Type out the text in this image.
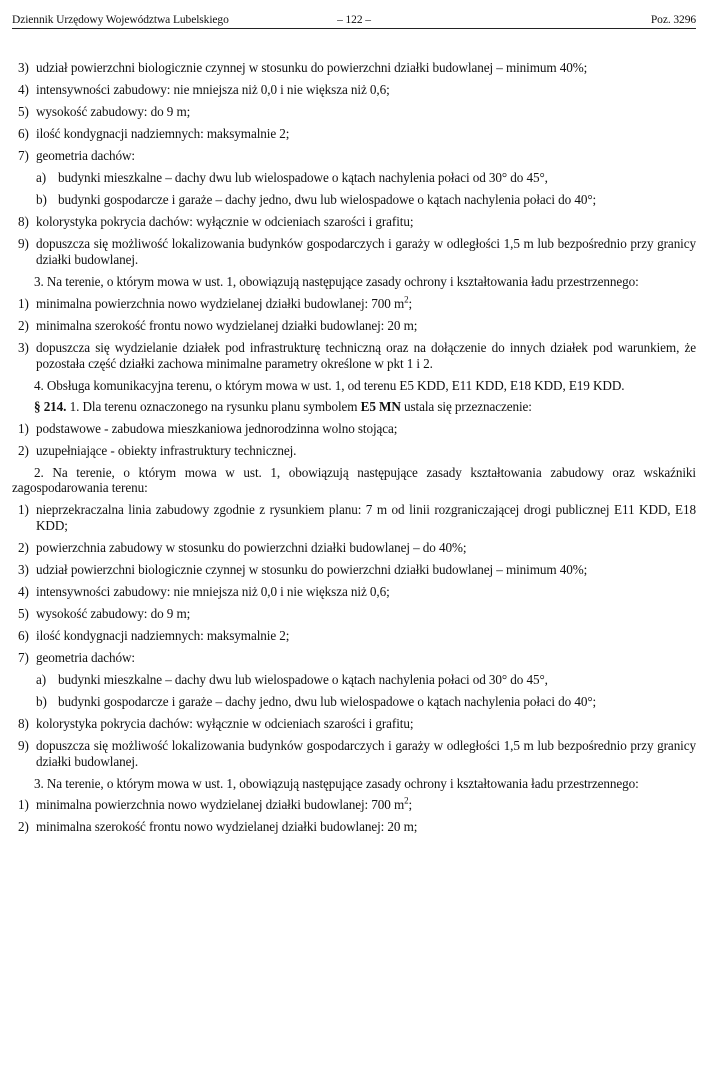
Dziennik Urzędowy Województwa Lubelskiego	– 122 –	Poz. 3296
3) udział powierzchni biologicznie czynnej w stosunku do powierzchni działki budowlanej – minimum 40%;
4) intensywności zabudowy: nie mniejsza niż 0,0 i nie większa niż 0,6;
5) wysokość zabudowy: do 9 m;
6) ilość kondygnacji nadziemnych: maksymalnie 2;
7) geometria dachów:
a) budynki mieszkalne – dachy dwu lub wielospadowe o kątach nachylenia połaci od 30° do 45°,
b) budynki gospodarcze i garaże – dachy jedno, dwu lub wielospadowe o kątach nachylenia połaci do 40°;
8) kolorystyka pokrycia dachów: wyłącznie w odcieniach szarości i grafitu;
9) dopuszcza się możliwość lokalizowania budynków gospodarczych i garaży w odległości 1,5 m lub bezpośrednio przy granicy działki budowlanej.
3. Na terenie, o którym mowa w ust. 1, obowiązują następujące zasady ochrony i kształtowania ładu przestrzennego:
1) minimalna powierzchnia nowo wydzielanej działki budowlanej: 700 $m^2$;
2) minimalna szerokość frontu nowo wydzielanej działki budowlanej: 20 m;
3) dopuszcza się wydzielanie działek pod infrastrukturę techniczną oraz na dołączenie do innych działek pod warunkiem, że pozostała część działki zachowa minimalne parametry określone w pkt 1 i 2.
4. Obsługa komunikacyjna terenu, o którym mowa w ust. 1, od terenu E5 KDD, E11 KDD, E18 KDD, E19 KDD.
§ 214. 1. Dla terenu oznaczonego na rysunku planu symbolem E5 MN ustala się przeznaczenie:
1) podstawowe - zabudowa mieszkaniowa jednorodzinna wolno stojąca;
2) uzupełniające - obiekty infrastruktury technicznej.
2. Na terenie, o którym mowa w ust. 1, obowiązują następujące zasady kształtowania zabudowy oraz wskaźniki zagospodarowania terenu:
1) nieprzekraczalna linia zabudowy zgodnie z rysunkiem planu: 7 m od linii rozgraniczającej drogi publicznej E11 KDD, E18 KDD;
2) powierzchnia zabudowy w stosunku do powierzchni działki budowlanej – do 40%;
3) udział powierzchni biologicznie czynnej w stosunku do powierzchni działki budowlanej – minimum 40%;
4) intensywności zabudowy: nie mniejsza niż 0,0 i nie większa niż 0,6;
5) wysokość zabudowy: do 9 m;
6) ilość kondygnacji nadziemnych: maksymalnie 2;
7) geometria dachów:
a) budynki mieszkalne – dachy dwu lub wielospadowe o kątach nachylenia połaci od 30° do 45°,
b) budynki gospodarcze i garaże – dachy jedno, dwu lub wielospadowe o kątach nachylenia połaci do 40°;
8) kolorystyka pokrycia dachów: wyłącznie w odcieniach szarości i grafitu;
9) dopuszcza się możliwość lokalizowania budynków gospodarczych i garaży w odległości 1,5 m lub bezpośrednio przy granicy działki budowlanej.
3. Na terenie, o którym mowa w ust. 1, obowiązują następujące zasady ochrony i kształtowania ładu przestrzennego:
1) minimalna powierzchnia nowo wydzielanej działki budowlanej: 700 $m^2$;
2) minimalna szerokość frontu nowo wydzielanej działki budowlanej: 20 m;
